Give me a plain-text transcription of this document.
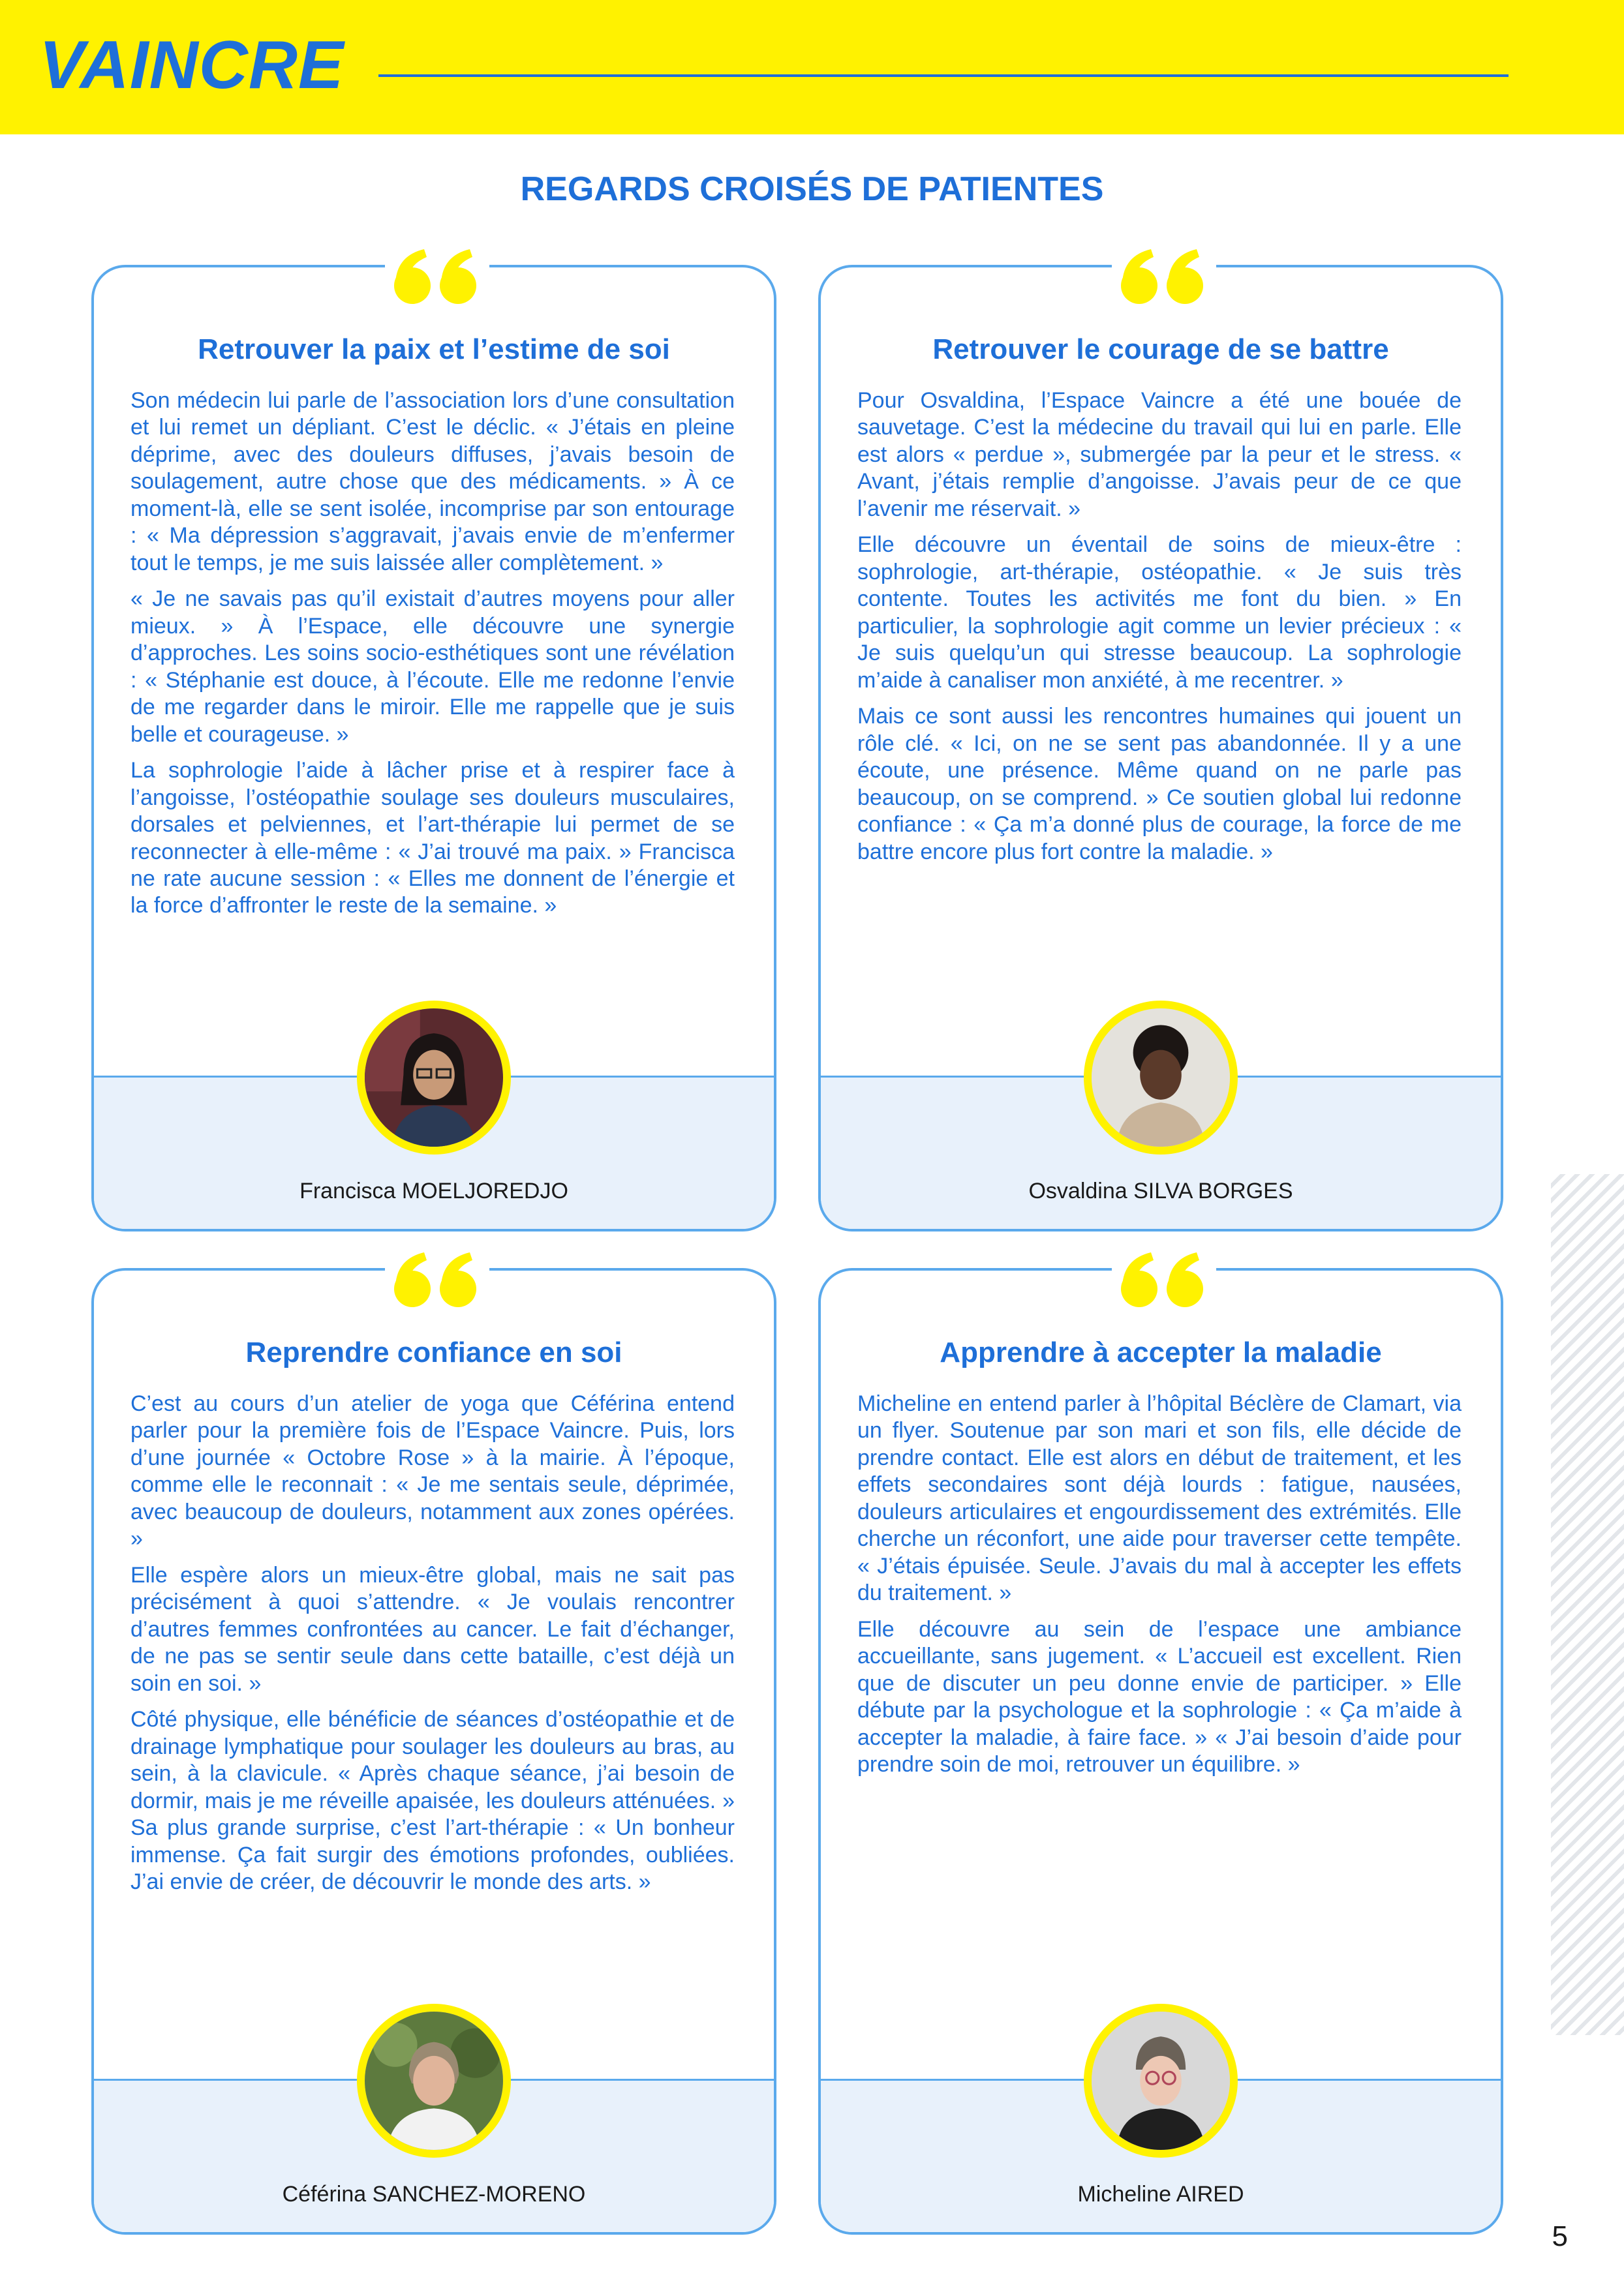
VAINCRE
REGARDS CROISÉS DE PATIENTES
Retrouver la paix et l’estime de soi

Son médecin lui parle de l’association lors d’une consultation et lui remet un dépliant. C’est le déclic. « J’étais en pleine déprime, avec des douleurs diffuses, j’avais besoin de soulagement, autre chose que des médicaments. » À ce moment-là, elle se sent isolée, incomprise par son entourage : « Ma dépression s’aggravait, j’avais envie de m’enfermer tout le temps, je me suis laissée aller complètement. »

« Je ne savais pas qu’il existait d’autres moyens pour aller mieux. » À l’Espace, elle découvre une synergie d’approches. Les soins socio-esthétiques sont une révélation : « Stéphanie est douce, à l’écoute. Elle me redonne l’envie de me regarder dans le miroir. Elle me rappelle que je suis belle et courageuse. »

La sophrologie l’aide à lâcher prise et à respirer face à l’angoisse, l’ostéopathie soulage ses douleurs musculaires, dorsales et pelviennes, et l’art-thérapie lui permet de se reconnecter à elle-même : « J’ai trouvé ma paix. » Francisca ne rate aucune session : « Elles me donnent de l’énergie et la force d’affronter le reste de la semaine. »

Francisca MOELJOREDJO
Retrouver le courage de se battre

Pour Osvaldina, l’Espace Vaincre a été une bouée de sauvetage. C’est la médecine du travail qui lui en parle. Elle est alors « perdue », submergée par la peur et le stress. « Avant, j’étais remplie d’angoisse. J’avais peur de ce que l’avenir me réservait. »

Elle découvre un éventail de soins de mieux-être : sophrologie, art-thérapie, ostéopathie. « Je suis très contente. Toutes les activités me font du bien. » En particulier, la sophrologie agit comme un levier précieux : « Je suis quelqu’un qui stresse beaucoup. La sophrologie m’aide à canaliser mon anxiété, à me recentrer. »

Mais ce sont aussi les rencontres humaines qui jouent un rôle clé. « Ici, on ne se sent pas abandonnée. Il y a une écoute, une présence. Même quand on ne parle pas beaucoup, on se comprend. » Ce soutien global lui redonne confiance : « Ça m’a donné plus de courage, la force de me battre encore plus fort contre la maladie. »

Osvaldina SILVA BORGES
Reprendre confiance en soi

C’est au cours d’un atelier de yoga que Céférina entend parler pour la première fois de l’Espace Vaincre. Puis, lors d’une journée « Octobre Rose » à la mairie. À l’époque, comme elle le reconnait : « Je me sentais seule, déprimée, avec beaucoup de douleurs, notamment aux zones opérées. »

Elle espère alors un mieux-être global, mais ne sait pas précisément à quoi s’attendre. « Je voulais rencontrer d’autres femmes confrontées au cancer. Le fait d’échanger, de ne pas se sentir seule dans cette bataille, c’est déjà un soin en soi. »

Côté physique, elle bénéficie de séances d’ostéopathie et de drainage lymphatique pour soulager les douleurs au bras, au sein, à la clavicule. « Après chaque séance, j’ai besoin de dormir, mais je me réveille apaisée, les douleurs atténuées. » Sa plus grande surprise, c’est l’art-thérapie : « Un bonheur immense. Ça fait surgir des émotions profondes, oubliées. J’ai envie de créer, de découvrir le monde des arts. »

Céférina SANCHEZ-MORENO
Apprendre à accepter la maladie

Micheline en entend parler à l’hôpital Béclère de Clamart, via un flyer. Soutenue par son mari et son fils, elle décide de prendre contact. Elle est alors en début de traitement, et les effets secondaires sont déjà lourds : fatigue, nausées, douleurs articulaires et engourdissement des extrémités. Elle cherche un réconfort, une aide pour traverser cette tempête. « J’étais épuisée. Seule. J’avais du mal à accepter les effets du traitement. »

Elle découvre au sein de l’espace une ambiance accueillante, sans jugement. « L’accueil est excellent. Rien que de discuter un peu donne envie de participer. » Elle débute par la psychologue et la sophrologie : « Ça m’aide à accepter la maladie, à faire face. » « J’ai besoin d’aide pour prendre soin de moi, retrouver un équilibre. »

Micheline AIRED
5
